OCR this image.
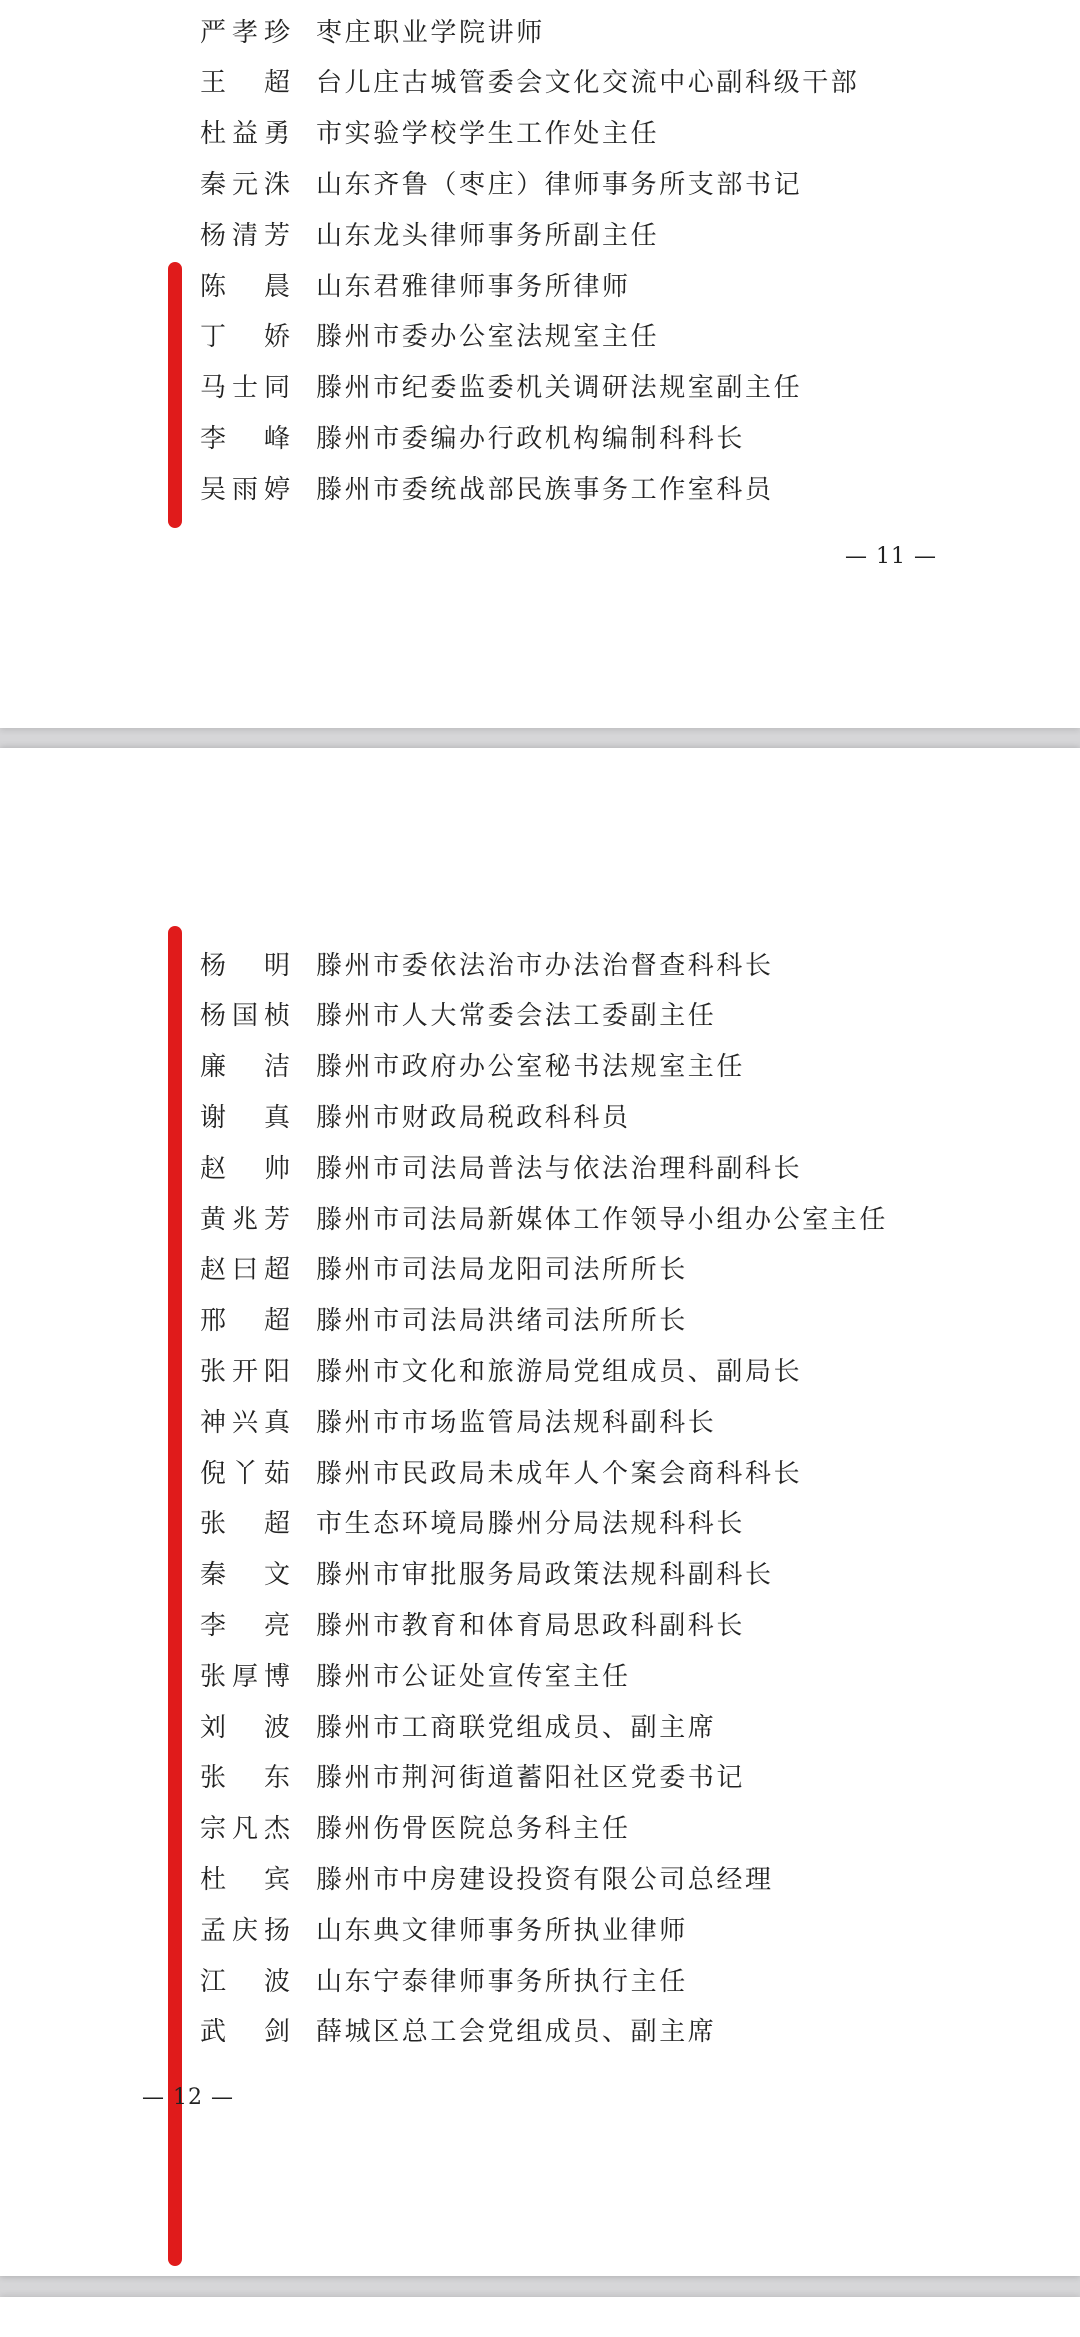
严孝珍 枣庄职业学院讲师
王　超 台儿庄古城管委会文化交流中心副科级干部
杜益勇 市实验学校学生工作处主任
秦元洙 山东齐鲁（枣庄）律师事务所支部书记
杨清芳 山东龙头律师事务所副主任
陈　晨 山东君雅律师事务所律师
丁　娇 滕州市委办公室法规室主任
马士同 滕州市纪委监委机关调研法规室副主任
李　峰 滕州市委编办行政机构编制科科长
吴雨婷 滕州市委统战部民族事务工作室科员
— 11 —
杨　明 滕州市委依法治市办法治督查科科长
杨国桢 滕州市人大常委会法工委副主任
廉　洁 滕州市政府办公室秘书法规室主任
谢　真 滕州市财政局税政科科员
赵　帅 滕州市司法局普法与依法治理科副科长
黄兆芳 滕州市司法局新媒体工作领导小组办公室主任
赵曰超 滕州市司法局龙阳司法所所长
邢　超 滕州市司法局洪绪司法所所长
张开阳 滕州市文化和旅游局党组成员、副局长
神兴真 滕州市市场监管局法规科副科长
倪丫茹 滕州市民政局未成年人个案会商科科长
张　超 市生态环境局滕州分局法规科科长
秦　文 滕州市审批服务局政策法规科副科长
李　亮 滕州市教育和体育局思政科副科长
张厚博 滕州市公证处宣传室主任
刘　波 滕州市工商联党组成员、副主席
张　东 滕州市荆河街道蓄阳社区党委书记
宗凡杰 滕州伤骨医院总务科主任
杜　宾 滕州市中房建设投资有限公司总经理
孟庆扬 山东典文律师事务所执业律师
江　波 山东宁泰律师事务所执行主任
武　剑 薛城区总工会党组成员、副主席
— 12 —
